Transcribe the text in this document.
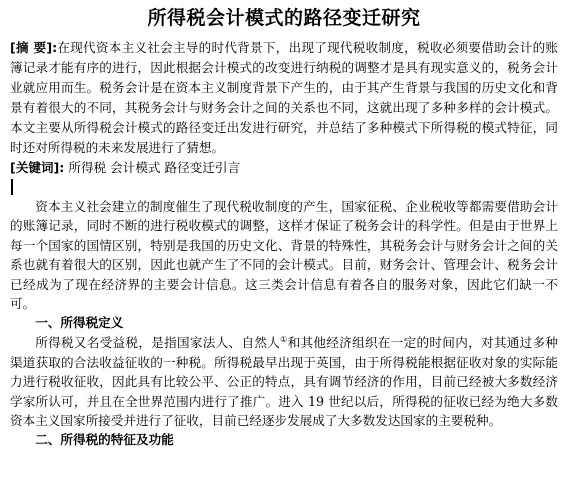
所得税会计模式的路径变迁研究

[摘 要]:在现代资本主义社会主导的时代背景下，出现了现代税收制度，税收必须要借助会计的账簿记录才能有序的进行，因此根据会计模式的改变进行纳税的调整才是具有现实意义的，税务会计业就应用而生。税务会计是在资本主义制度背景下产生的，由于其产生背景与我国的历史文化和背景有着很大的不同，其税务会计与财务会计之间的关系也不同，这就出现了多种多样的会计模式。本文主要从所得税会计模式的路径变迁出发进行研究，并总结了多种模式下所得税的模式特征，同时还对所得税的未来发展进行了猜想。

[关键词]: 所得税 会计模式 路径变迁引言

资本主义社会建立的制度催生了现代税收制度的产生，国家征税、企业税收等都需要借助会计的账簿记录，同时不断的进行税收模式的调整，这样才保证了税务会计的科学性。但是由于世界上每一个国家的国情区别，特别是我国的历史文化、背景的特殊性，其税务会计与财务会计之间的关系也就有着很大的区别，因此也就产生了不同的会计模式。目前，财务会计、管理会计、税务会计已经成为了现在经济界的主要会计信息。这三类会计信息有着各自的服务对象，因此它们缺一不可。

一、所得税定义

所得税又名受益税，是指国家法人、自然人①和其他经济组织在一定的时间内，对其通过多种渠道获取的合法收益征收的一种税。所得税最早出现于英国，由于所得税能根据征收对象的实际能力进行税收征收，因此具有比较公平、公正的特点，具有调节经济的作用，目前已经被大多数经济学家所认可，并且在全世界范围内进行了推广。进入 19 世纪以后，所得税的征收已经为绝大多数资本主义国家所接受并进行了征收，目前已经逐步发展成了大多数发达国家的主要税种。

二、所得税的特征及功能
